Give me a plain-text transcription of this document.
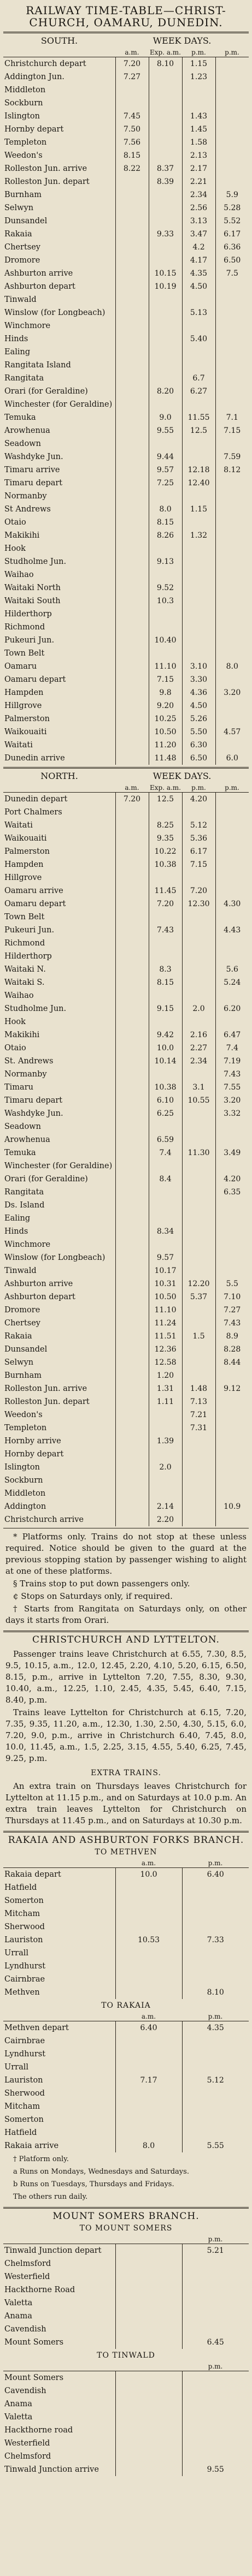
RAILWAY TIME-TABLE—CHRIST-
CHURCH, OAMARU, DUNEDIN.
SOUTH.	WEEK DAYS.
	a.m.	Exp. a.m.	p.m.	p.m.
Christchurch depart	7.20	8.10	1.15	
Addington Jun.	7.27		1.23	
Middleton				
Sockburn				
Islington	7.45		1.43	
Hornby depart	7.50		1.45	
Templeton	7.56		1.58	
Weedon's	8.15		2.13	
Rolleston Jun. arrive	8.22	8.37	2.17	
Rolleston Jun. depart		8.39	2.21	
Burnham			2.34	5.9
Selwyn			2.56	5.28
Dunsandel			3.13	5.52
Rakaia		9.33	3.47	6.17
Chertsey			4.2	6.36
Dromore			4.17	6.50
Ashburton arrive		10.15	4.35	7.5
Ashburton depart		10.19	4.50	
Tinwald				
Winslow (for Longbeach)			5.13	
Winchmore				
Hinds			5.40	
Ealing				
Rangitata Island				
Rangitata			6.7	
Orari (for Geraldine)		8.20	6.27	
Winchester (for Geraldine)				
Temuka		9.0	11.55	7.1
Arowhenua		9.55	12.5	7.15
Seadown				
Washdyke Jun.		9.44		7.59
Timaru arrive		9.57	12.18	8.12
Timaru depart		7.25	12.40	
Normanby				
St Andrews		8.0	1.15	
Otaio		8.15		
Makikihi		8.26	1.32	
Hook				
Studholme Jun.		9.13		
Waihao				
Waitaki North		9.52		
Waitaki South		10.3		
Hilderthorp				
Richmond				
Pukeuri Jun.		10.40		
Town Belt				
Oamaru		11.10	3.10	8.0
Oamaru depart		7.15	3.30	
Hampden		9.8	4.36	3.20
Hillgrove		9.20	4.50	
Palmerston		10.25	5.26	
Waikouaiti		10.50	5.50	4.57
Waitati		11.20	6.30	
Dunedin arrive		11.48	6.50	6.0
NORTH.	WEEK DAYS.
	a.m.	Exp. a.m.	p.m.	p.m.
Dunedin depart	7.20	12.5	4.20	
Port Chalmers				
Waitati		8.25	5.12	
Waikouaiti		9.35	5.36	
Palmerston		10.22	6.17	
Hampden		10.38	7.15	
Hillgrove				
Oamaru arrive		11.45	7.20	
Oamaru depart		7.20	12.30	4.30
Town Belt				
Pukeuri Jun.		7.43		4.43
Richmond				
Hilderthorp				
Waitaki N.		8.3		5.6
Waitaki S.		8.15		5.24
Waihao				
Studholme Jun.		9.15	2.0	6.20
Hook				
Makikihi		9.42	2.16	6.47
Otaio		10.0	2.27	7.4
St. Andrews		10.14	2.34	7.19
Normanby				7.43
Timaru		10.38	3.1	7.55
Timaru depart		6.10	10.55	3.20
Washdyke Jun.		6.25		3.32
Seadown				
Arowhenua		6.59		
Temuka		7.4	11.30	3.49
Winchester (for Geraldine)				
Orari (for Geraldine)		8.4		4.20
Rangitata				6.35
Ds. Island				
Ealing				
Hinds		8.34		
Winchmore				
Winslow (for Longbeach)		9.57		
Tinwald		10.17		
Ashburton arrive		10.31	12.20	5.5
Ashburton depart		10.50	5.37	7.10
Dromore		11.10		7.27
Chertsey		11.24		7.43
Rakaia		11.51	1.5	8.9
Dunsandel		12.36		8.28
Selwyn		12.58		8.44
Burnham		1.20		
Rolleston Jun. arrive		1.31	1.48	9.12
Rolleston Jun. depart		1.11	7.13	
Weedon's			7.21	
Templeton			7.31	
Hornby arrive		1.39		
Hornby depart				
Islington		2.0		
Sockburn				
Middleton				
Addington		2.14		10.9
Christchurch arrive		2.20		

* Platforms only. Trains do not stop at these unless required. Notice should be given to the guard at the previous stopping station by passenger wishing to alight at one of these platforms.

§ Trains stop to put down passengers only.

¢ Stops on Saturdays only, if required.

† Starts from Rangitata on Saturdays only, on other days it starts from Orari.

CHRISTCHURCH AND LYTTELTON.

Passenger trains leave Christchurch at 6.55, 7.30, 8.5, 9.5, 10.15, a.m., 12.0, 12.45, 2.20, 4.10, 5.20, 6.15, 6.50, 8.15, p.m., arrive in Lyttelton 7.20, 7.55, 8.30, 9.30, 10.40, a.m., 12.25, 1.10, 2.45, 4.35, 5.45, 6.40, 7.15, 8.40, p.m.

Trains leave Lyttelton for Christchurch at 6.15, 7.20, 7.35, 9.35, 11.20, a.m., 12.30, 1.30, 2.50, 4.30, 5.15, 6.0, 7.20, 9.0, p.m., arrive in Christchurch 6.40, 7.45, 8.0, 10.0, 11.45, a.m., 1.5, 2.25, 3.15, 4.55, 5.40, 6.25, 7.45, 9.25, p.m.

EXTRA TRAINS.

An extra train on Thursdays leaves Christchurch for Lyttelton at 11.15 p.m., and on Saturdays at 10.0 p.m. An extra train leaves Lyttelton for Christchurch on Thursdays at 11.45 p.m., and on Saturdays at 10.30 p.m.

RAKAIA AND ASHBURTON FORKS BRANCH.
TO METHVEN
	a.m.	p.m.
Rakaia depart	10.0	6.40
Hatfield		
Somerton		
Mitcham		
Sherwood		
Lauriston	10.53	7.33
Urrall		
Lyndhurst		
Cairnbrae		
Methven		8.10
TO RAKAIA
	a.m.	p.m.
Methven depart	6.40	4.35
Cairnbrae		
Lyndhurst		
Urrall		
Lauriston	7.17	5.12
Sherwood		
Mitcham		
Somerton		
Hatfield		
Rakaia arrive	8.0	5.55

† Platform only.

a Runs on Mondays, Wednesdays and Saturdays.

b Runs on Tuesdays, Thursdays and Fridays.

The others run daily.

MOUNT SOMERS BRANCH.
TO MOUNT SOMERS
		p.m.
Tinwald Junction depart		5.21
Chelmsford		
Westerfield		
Hackthorne Road		
Valetta		
Anama		
Cavendish		
Mount Somers		6.45
TO TINWALD
		p.m.
Mount Somers		
Cavendish		
Anama		
Valetta		
Hackthorne road		
Westerfield		
Chelmsford		
Tinwald Junction arrive		9.55
